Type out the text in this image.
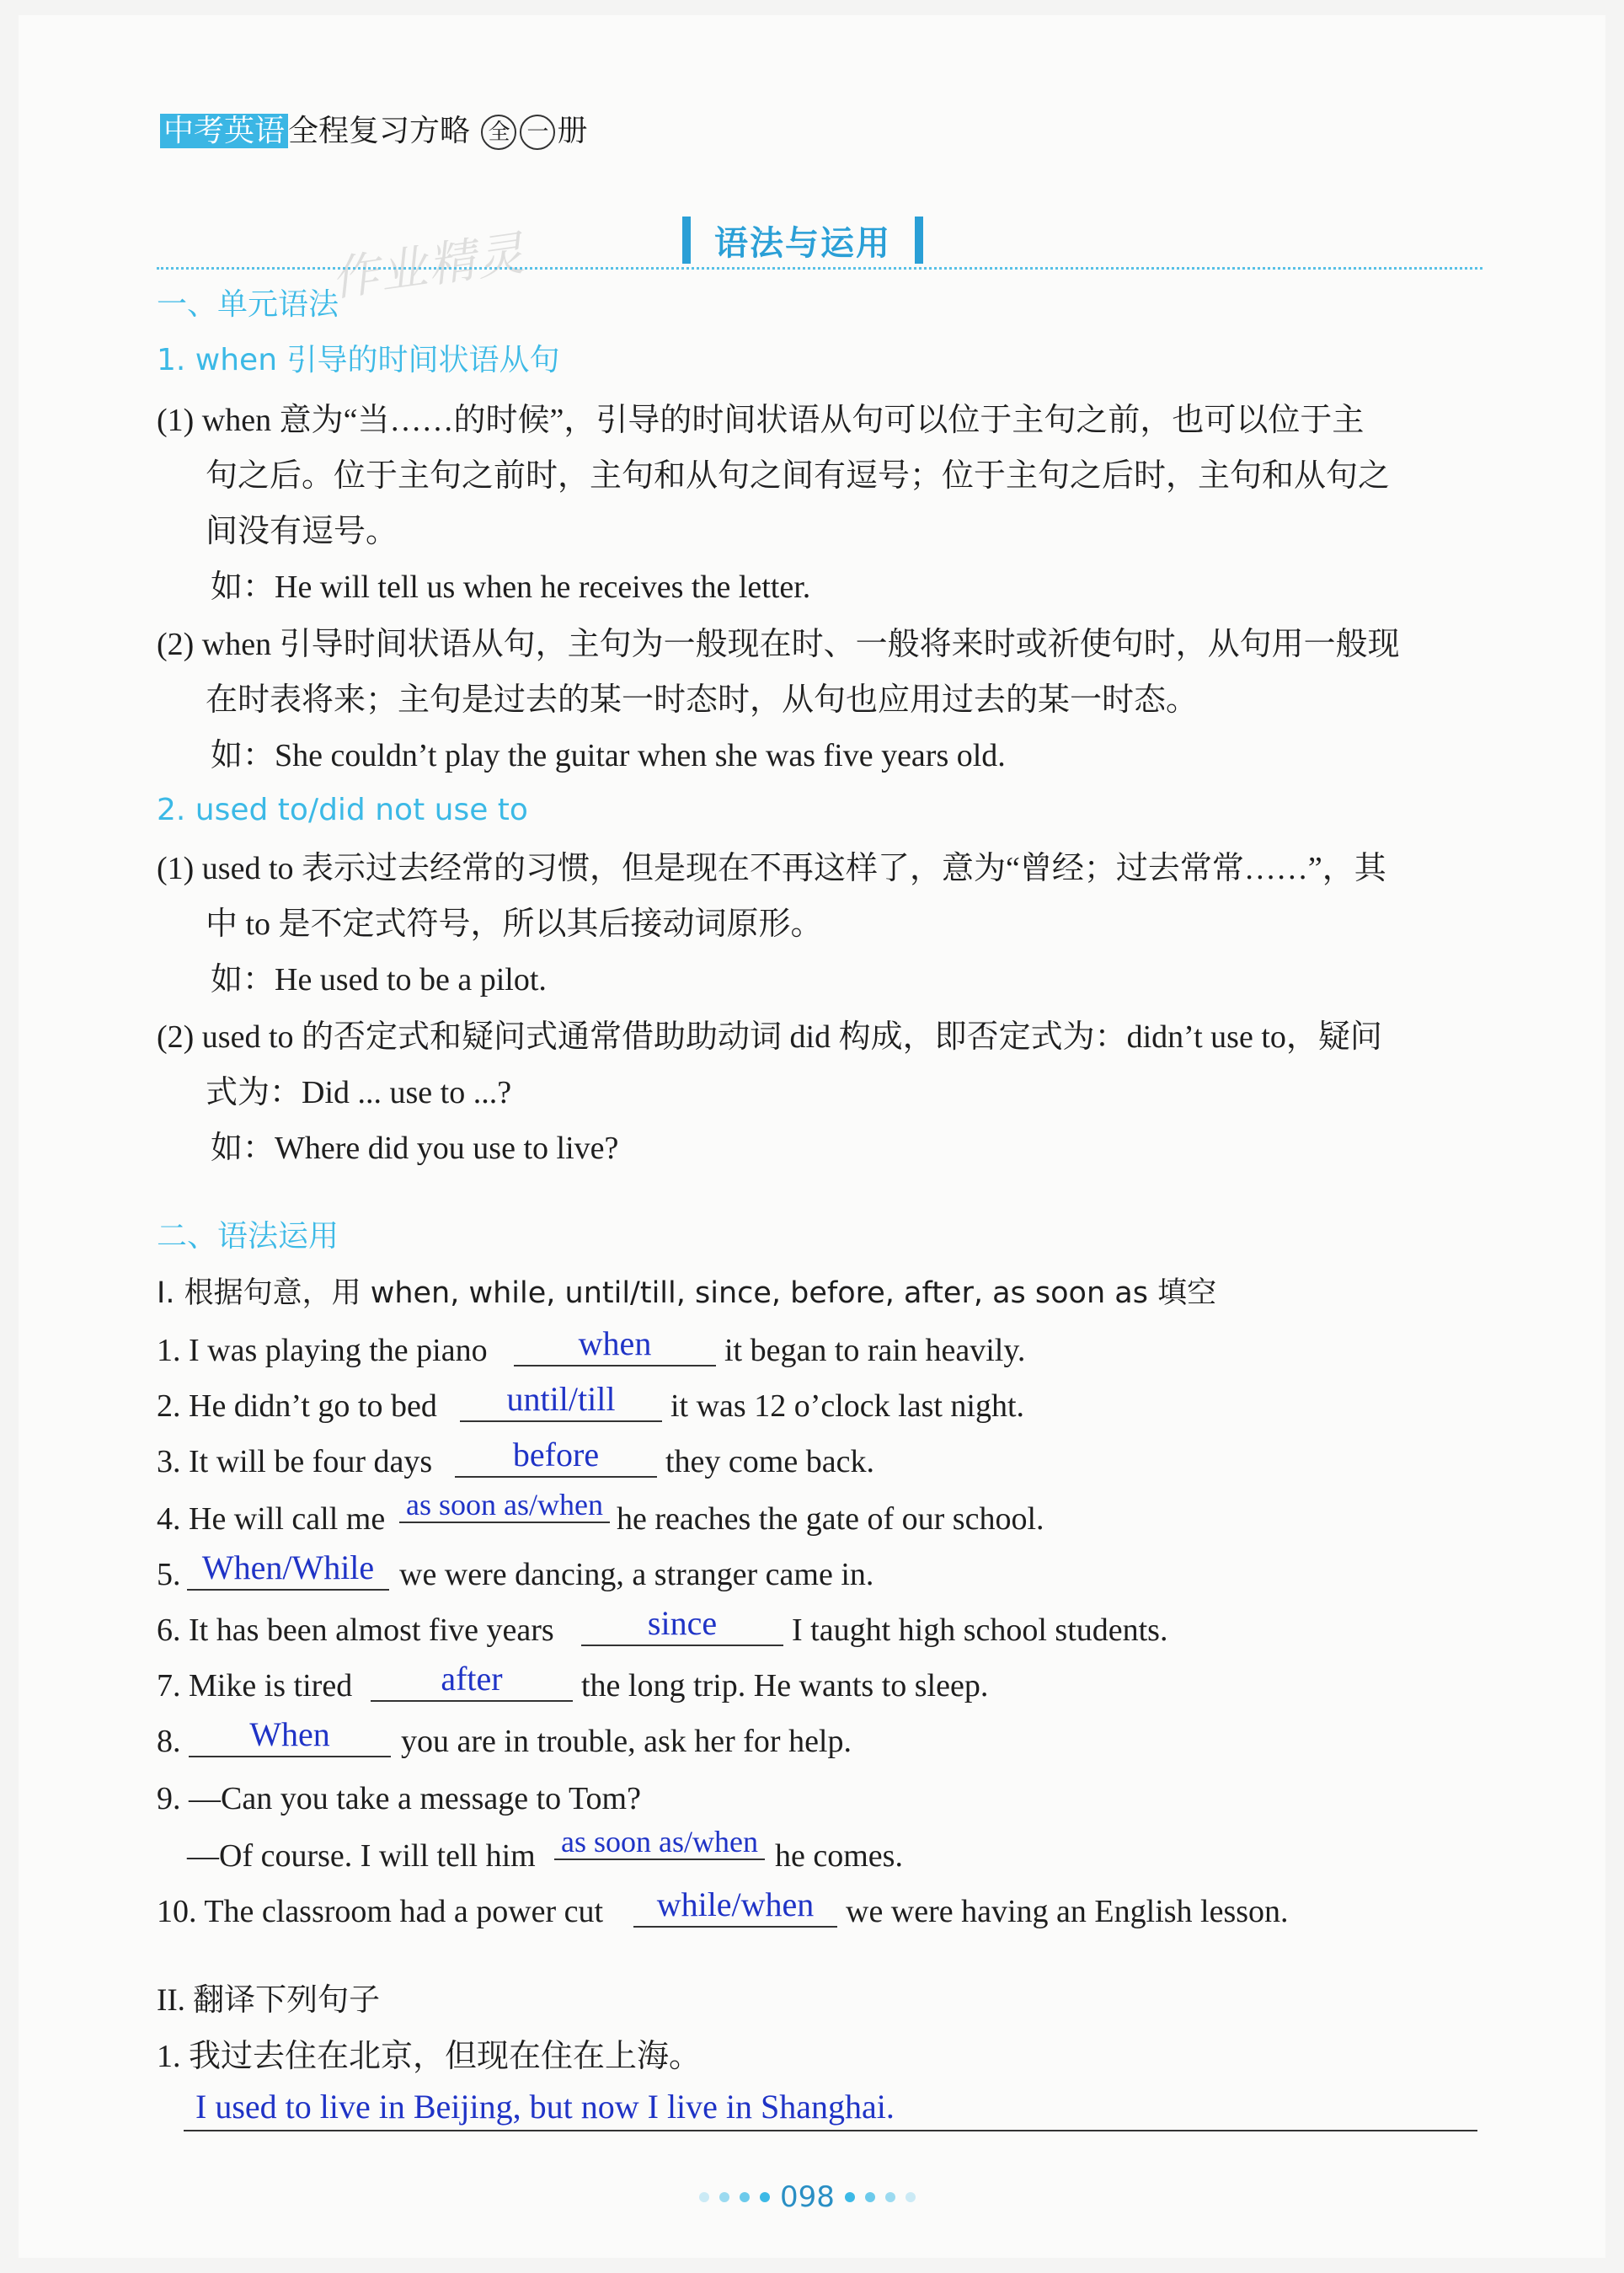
中考英语 全程复习方略 全 一 册
作业精灵	语法与运用
一、单元语法
1. when 引导的时间状语从句
(1) when 意为“当……的时候”，引导的时间状语从句可以位于主句之前，也可以位于主
句之后。位于主句之前时，主句和从句之间有逗号；位于主句之后时，主句和从句之
间没有逗号。
如：He will tell us when he receives the letter.
(2) when 引导时间状语从句，主句为一般现在时、一般将来时或祈使句时，从句用一般现
在时表将来；主句是过去的某一时态时，从句也应用过去的某一时态。
如：She couldn’t play the guitar when she was five years old.
2. used to/did not use to
(1) used to 表示过去经常的习惯，但是现在不再这样了，意为“曾经；过去常常……”，其
中 to 是不定式符号，所以其后接动词原形。
如：He used to be a pilot.
(2) used to 的否定式和疑问式通常借助助动词 did 构成，即否定式为：didn’t use to，疑问
式为：Did ... use to ...?
如：Where did you use to live?
二、语法运用
I. 根据句意，用 when, while, until/till, since, before, after, as soon as 填空
1. I was playing the piano	when	it began to rain heavily.
2. He didn’t go to bed	until/till	it was 12 o’clock last night.
3. It will be four days	before	they come back.
4. He will call me as soon as/when he reaches the gate of our school.
5. When/While we were dancing, a stranger came in.
6. It has been almost five years	since	I taught high school students.
7. Mike is tired	after	the long trip. He wants to sleep.
8.	When	you are in trouble, ask her for help.
9. —Can you take a message to Tom?
—Of course. I will tell him as soon as/when he comes.
10. The classroom had a power cut	while/when we were having an English lesson.
II. 翻译下列句子
1. 我过去住在北京，但现在住在上海。
I used to live in Beijing, but now I live in Shanghai.
098
